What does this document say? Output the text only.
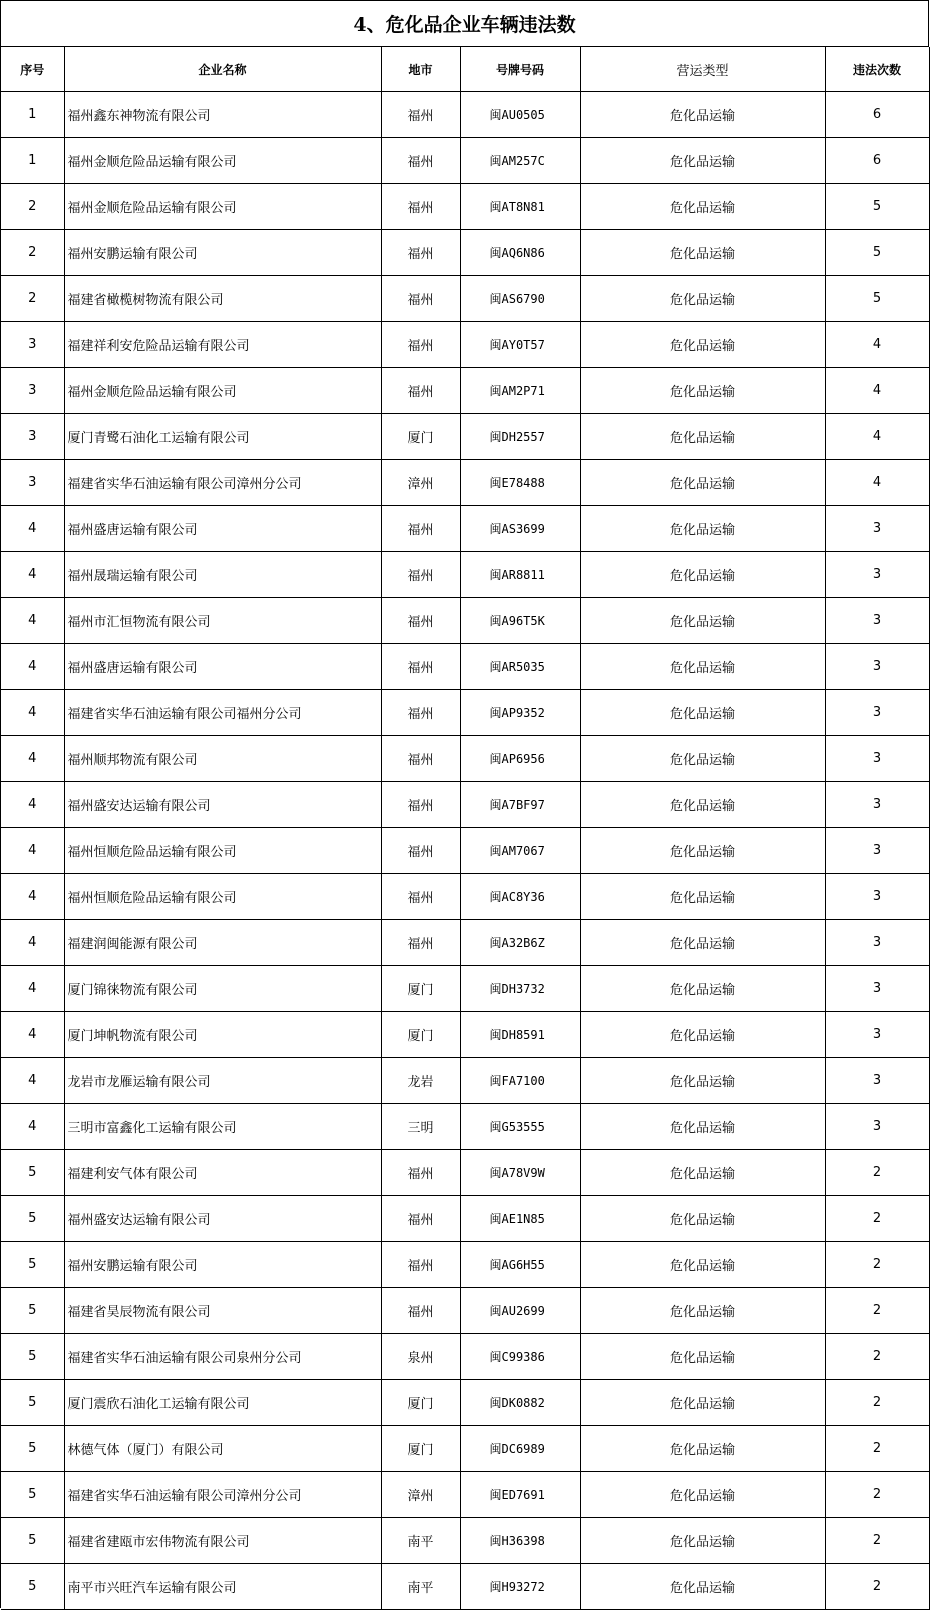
4、危化品企业车辆违法数
序号	企业名称	地市	号牌号码	营运类型	违法次数
1	福州鑫东神物流有限公司	福州	闽AU0505	危化品运输	6
1	福州金顺危险品运输有限公司	福州	闽AM257C	危化品运输	6
2	福州金顺危险品运输有限公司	福州	闽AT8N81	危化品运输	5
2	福州安鹏运输有限公司	福州	闽AQ6N86	危化品运输	5
2	福建省橄榄树物流有限公司	福州	闽AS6790	危化品运输	5
3	福建祥利安危险品运输有限公司	福州	闽AY0T57	危化品运输	4
3	福州金顺危险品运输有限公司	福州	闽AM2P71	危化品运输	4
3	厦门青鹭石油化工运输有限公司	厦门	闽DH2557	危化品运输	4
3	福建省实华石油运输有限公司漳州分公司	漳州	闽E78488	危化品运输	4
4	福州盛唐运输有限公司	福州	闽AS3699	危化品运输	3
4	福州晟瑞运输有限公司	福州	闽AR8811	危化品运输	3
4	福州市汇恒物流有限公司	福州	闽A96T5K	危化品运输	3
4	福州盛唐运输有限公司	福州	闽AR5035	危化品运输	3
4	福建省实华石油运输有限公司福州分公司	福州	闽AP9352	危化品运输	3
4	福州顺邦物流有限公司	福州	闽AP6956	危化品运输	3
4	福州盛安达运输有限公司	福州	闽A7BF97	危化品运输	3
4	福州恒顺危险品运输有限公司	福州	闽AM7067	危化品运输	3
4	福州恒顺危险品运输有限公司	福州	闽AC8Y36	危化品运输	3
4	福建润闽能源有限公司	福州	闽A32B6Z	危化品运输	3
4	厦门锦徕物流有限公司	厦门	闽DH3732	危化品运输	3
4	厦门坤帆物流有限公司	厦门	闽DH8591	危化品运输	3
4	龙岩市龙雁运输有限公司	龙岩	闽FA7100	危化品运输	3
4	三明市富鑫化工运输有限公司	三明	闽G53555	危化品运输	3
5	福建利安气体有限公司	福州	闽A78V9W	危化品运输	2
5	福州盛安达运输有限公司	福州	闽AE1N85	危化品运输	2
5	福州安鹏运输有限公司	福州	闽AG6H55	危化品运输	2
5	福建省昊辰物流有限公司	福州	闽AU2699	危化品运输	2
5	福建省实华石油运输有限公司泉州分公司	泉州	闽C99386	危化品运输	2
5	厦门震欣石油化工运输有限公司	厦门	闽DK0882	危化品运输	2
5	林德气体（厦门）有限公司	厦门	闽DC6989	危化品运输	2
5	福建省实华石油运输有限公司漳州分公司	漳州	闽ED7691	危化品运输	2
5	福建省建瓯市宏伟物流有限公司	南平	闽H36398	危化品运输	2
5	南平市兴旺汽车运输有限公司	南平	闽H93272	危化品运输	2
